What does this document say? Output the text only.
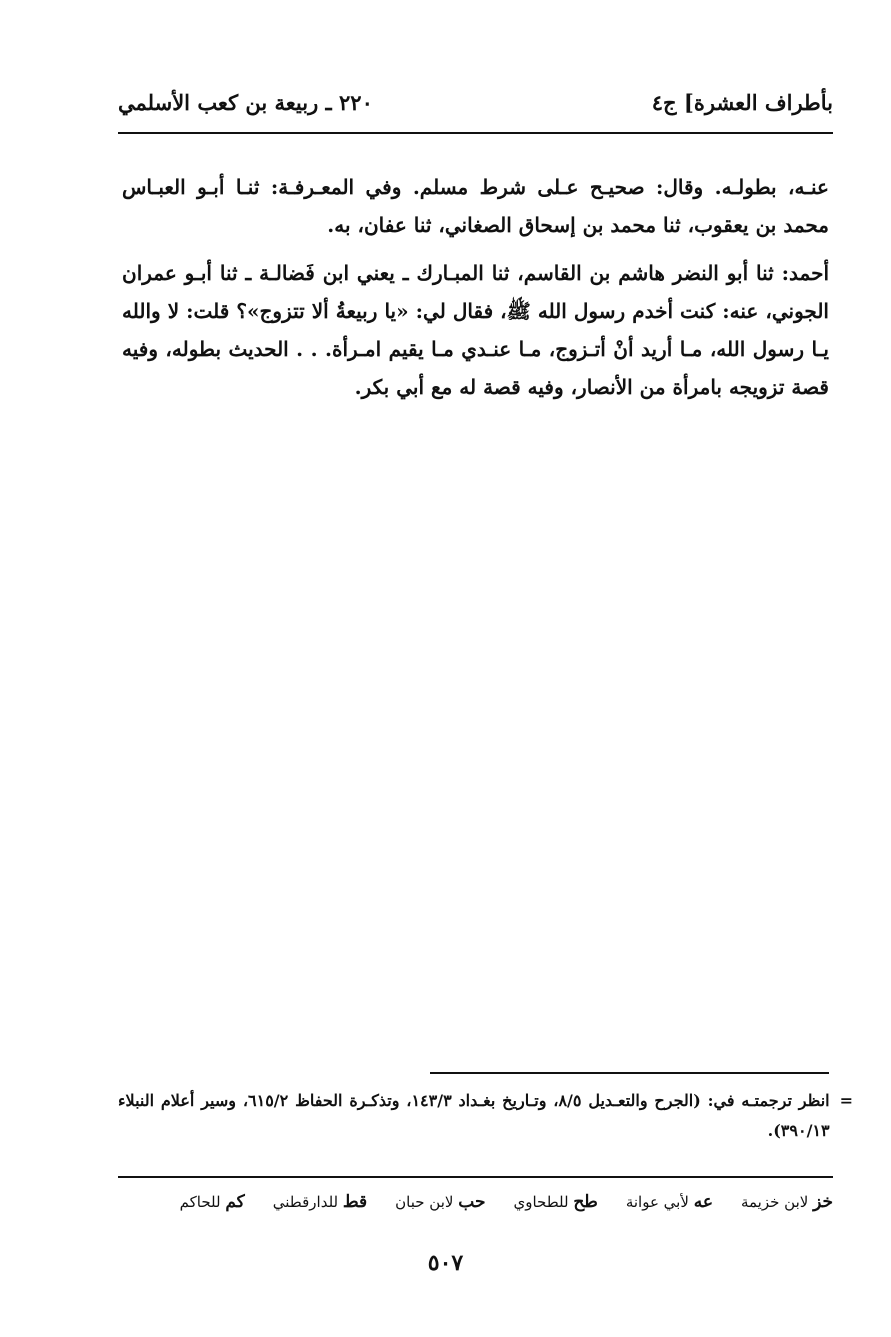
بأطراف العشرة] ج٤
٢٢٠ ـ ربيعة بن كعب الأسلمي

عنـه، بطولـه. وقال: صحيـح عـلى شرط مسلم. وفي المعـرفـة: ثنـا أبـو العبـاس محمد بن يعقوب، ثنا محمد بن إسحاق الصغاني، ثنا عفان، به.

أحمد: ثنا أبو النضر هاشم بن القاسم، ثنا المبـارك ـ يعني ابن فَضالـة ـ ثنا أبـو عمران الجوني، عنه: كنت أخدم رسول الله ﷺ، فقال لي: «يا ربيعةُ ألا تتزوج»؟ قلت: لا والله يـا رسول الله، مـا أريد أنْ أتـزوج، مـا عنـدي مـا يقيم امـرأة. . . الحديث بطوله، وفيه قصة تزويجه بامرأة من الأنصار، وفيه قصة له مع أبي بكر.

=
انظر ترجمتـه في: (الجرح والتعـديل ٨/٥، وتـاريخ بغـداد ١٤٣/٣، وتذكـرة الحفاظ ٦١٥/٢، وسير أعلام النبلاء ٣٩٠/١٣).
خز لابن خزيمة
عه لأبي عوانة
طح للطحاوي
حب لابن حبان
قط للدارقطني
كم للحاكم
٥٠٧
